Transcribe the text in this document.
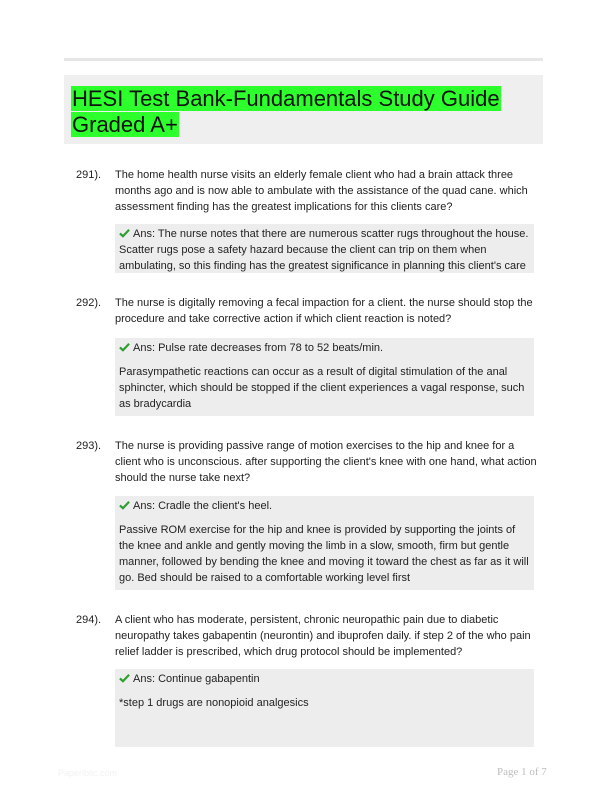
HESI Test Bank-Fundamentals Study Guide Graded A+
291). The home health nurse visits an elderly female client who had a brain attack three months ago and is now able to ambulate with the assistance of the quad cane. which assessment finding has the greatest implications for this clients care?
Ans: The nurse notes that there are numerous scatter rugs throughout the house. Scatter rugs pose a safety hazard because the client can trip on them when ambulating, so this finding has the greatest significance in planning this client's care
292). The nurse is digitally removing a fecal impaction for a client. the nurse should stop the procedure and take corrective action if which client reaction is noted?
Ans: Pulse rate decreases from 78 to 52 beats/min.
Parasympathetic reactions can occur as a result of digital stimulation of the anal sphincter, which should be stopped if the client experiences a vagal response, such as bradycardia
293). The nurse is providing passive range of motion exercises to the hip and knee for a client who is unconscious. after supporting the client's knee with one hand, what action should the nurse take next?
Ans: Cradle the client's heel.
Passive ROM exercise for the hip and knee is provided by supporting the joints of the knee and ankle and gently moving the limb in a slow, smooth, firm but gentle manner, followed by bending the knee and moving it toward the chest as far as it will go. Bed should be raised to a comfortable working level first
294). A client who has moderate, persistent, chronic neuropathic pain due to diabetic neuropathy takes gabapentin (neurontin) and ibuprofen daily. if step 2 of the who pain relief ladder is prescribed, which drug protocol should be implemented?
Ans: Continue gabapentin
*step 1 drugs are nonopioid analgesics
Paperiblic.com	Page 1 of 7
